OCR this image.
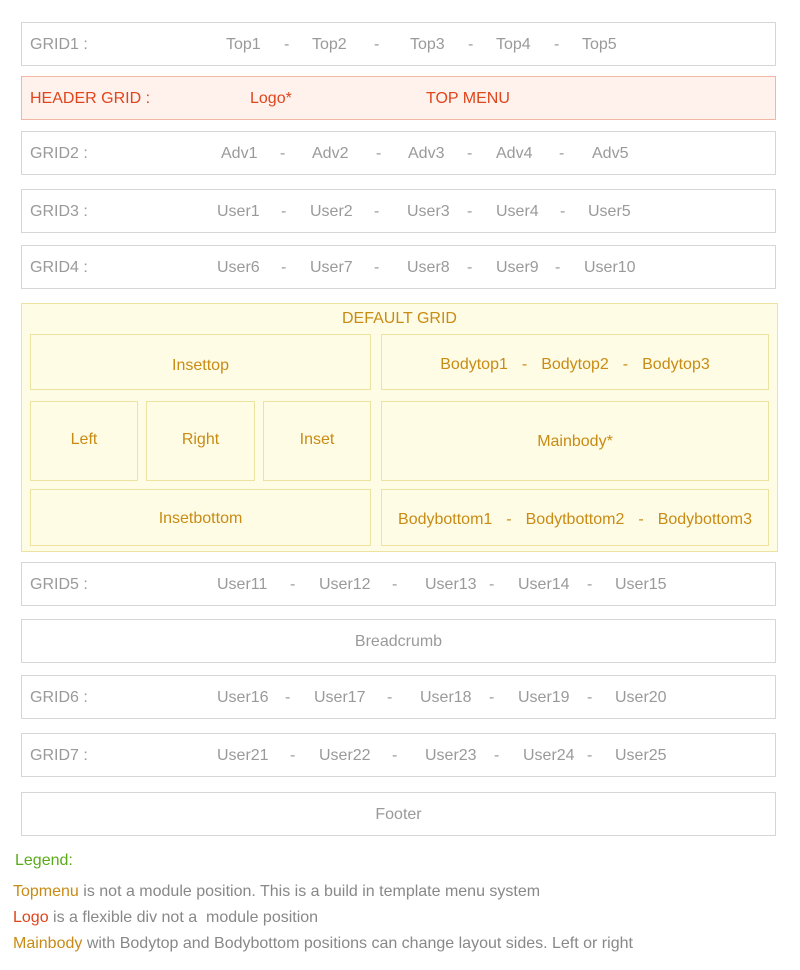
GRID1 :	Top1 - Top2 - Top3 - Top4 - Top5
HEADER GRID :	Logo*	TOP MENU
GRID2 :	Adv1 - Adv2 - Adv3 - Adv4 - Adv5
GRID3 :	User1 - User2 - User3 - User4 - User5
GRID4 :	User6 - User7 - User8 - User9 - User10
DEFAULT GRID
Insettop	Bodytop1 - Bodytop2 - Bodytop3
Left	Right	Inset	Mainbody*
Insetbottom	Bodybottom1 - Bodytbottom2 - Bodybottom3
GRID5 :	User11 - User12 - User13 - User14 - User15
Breadcrumb
GRID6 :	User16 - User17 - User18 - User19 - User20
GRID7 :	User21 - User22 - User23 - User24 - User25
Footer
Legend:
Topmenu is not a module position. This is a build in template menu system
Logo is a flexible div not a  module position
Mainbody with Bodytop and Bodybottom positions can change layout sides. Left or right
